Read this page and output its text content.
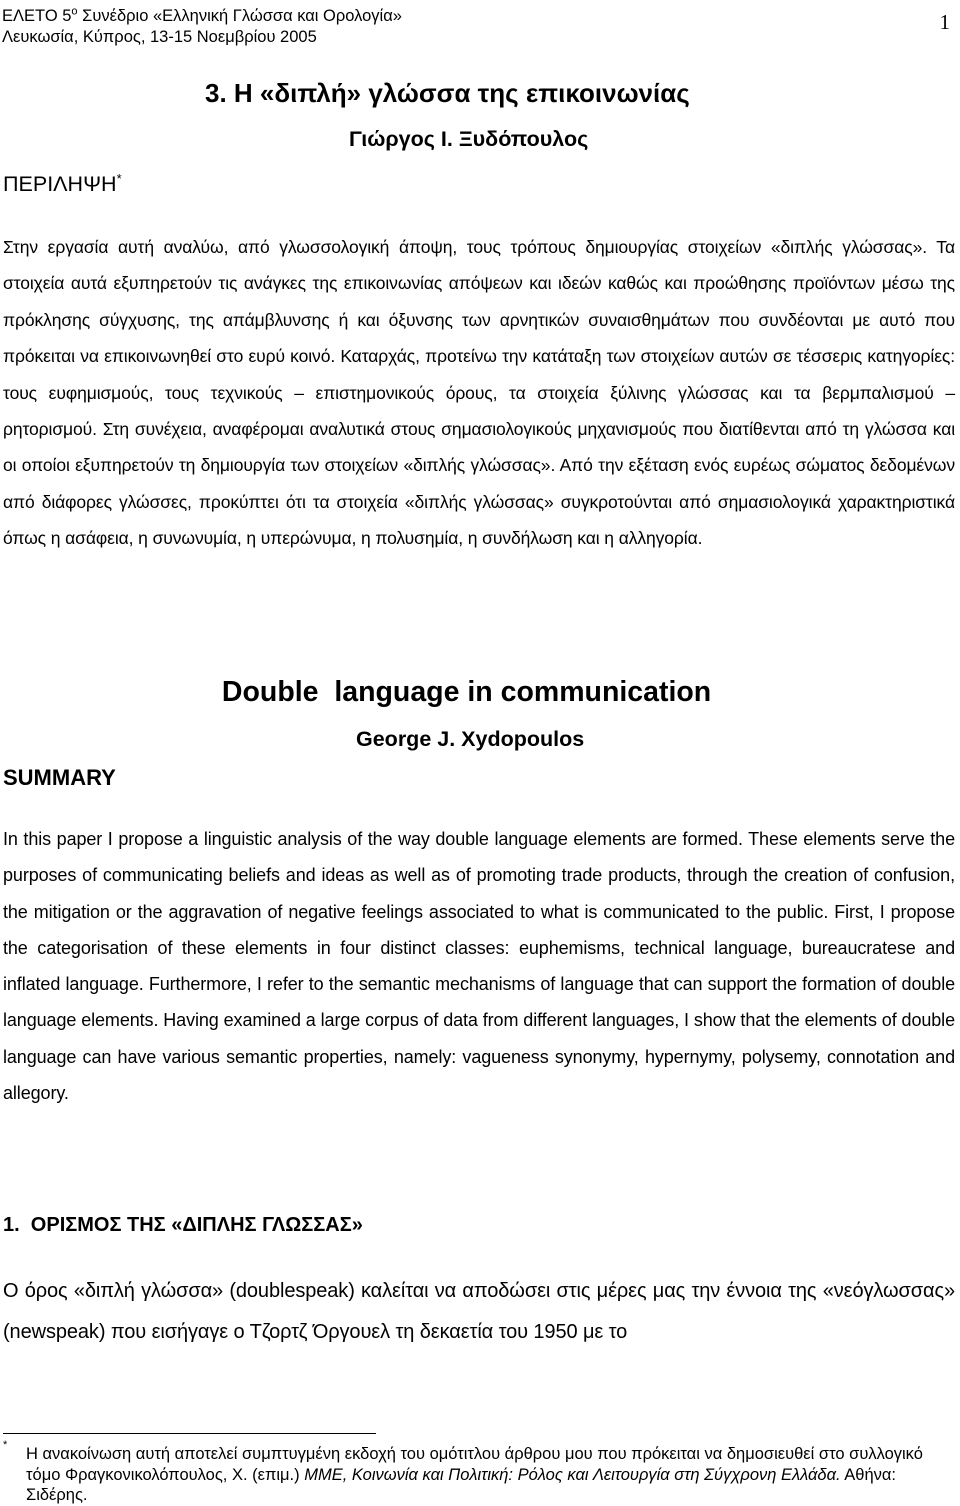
ΕΛΕΤΟ $5^o$ Συνέδριο «Ελληνική Γλώσσα και Ορολογία»
Λευκωσία, Κύπρος, 13-15 Νοεμβρίου 2005
1
3. Η «διπλή» γλώσσα της επικοινωνίας
Γιώργος Ι. Ξυδόπουλος
ΠΕΡΙΛΗΨΗ*
Στην εργασία αυτή αναλύω, από γλωσσολογική άποψη, τους τρόπους δημιουργίας στοιχείων «διπλής γλώσσας». Τα στοιχεία αυτά εξυπηρετούν τις ανάγκες της επικοινωνίας απόψεων και ιδεών καθώς και προώθησης προϊόντων μέσω της πρόκλησης σύγχυσης, της απάμβλυνσης ή και όξυνσης των αρνητικών συναισθημάτων που συνδέονται με αυτό που πρόκειται να επικοινωνηθεί στο ευρύ κοινό. Καταρχάς, προτείνω την κατάταξη των στοιχείων αυτών σε τέσσερις κατηγορίες: τους ευφημισμούς, τους τεχνικούς – επιστημονικούς όρους, τα στοιχεία ξύλινης γλώσσας και τα βερμπαλισμού – ρητορισμού. Στη συνέχεια, αναφέρομαι αναλυτικά στους σημασιολογικούς μηχανισμούς που διατίθενται από τη γλώσσα και οι οποίοι εξυπηρετούν τη δημιουργία των στοιχείων «διπλής γλώσσας». Από την εξέταση ενός ευρέως σώματος δεδομένων από διάφορες γλώσσες, προκύπτει ότι τα στοιχεία «διπλής γλώσσας» συγκροτούνται από σημασιολογικά χαρακτηριστικά όπως η ασάφεια, η συνωνυμία, η υπερώνυμα, η πολυσημία, η συνδήλωση και η αλληγορία.
Double  language in communication
George J. Xydopoulos
SUMMARY
In this paper I propose a linguistic analysis of the way double language elements are formed. These elements serve the purposes of communicating beliefs and ideas as well as of promoting trade products, through the creation of confusion, the mitigation or the aggravation of negative feelings associated to what is communicated to the public. First, I propose the categorisation of these elements in four distinct classes: euphemisms, technical language, bureaucratese and inflated language. Furthermore, I refer to the semantic mechanisms of language that can support the formation of double language elements. Having examined a large corpus of data from different languages, I show that the elements of double language can have various semantic properties, namely: vagueness synonymy, hypernymy, polysemy, connotation and allegory.
1.  ΟΡΙΣΜΟΣ ΤΗΣ «ΔΙΠΛΗΣ ΓΛΩΣΣΑΣ»
Ο όρος «διπλή γλώσσα» (doublespeak) καλείται να αποδώσει στις μέρες μας την έννοια της «νεόγλωσσας» (newspeak) που εισήγαγε ο Τζορτζ Όργουελ τη δεκαετία του 1950 με το
* Η ανακοίνωση αυτή αποτελεί συμπτυγμένη εκδοχή του ομότιτλου άρθρου μου που πρόκειται να δημοσιευθεί στο συλλογικό τόμο Φραγκονικολόπουλος, Χ. (επιμ.) ΜΜΕ, Κοινωνία και Πολιτική: Ρόλος και Λειτουργία στη Σύγχρονη Ελλάδα. Αθήνα: Σιδέρης.
